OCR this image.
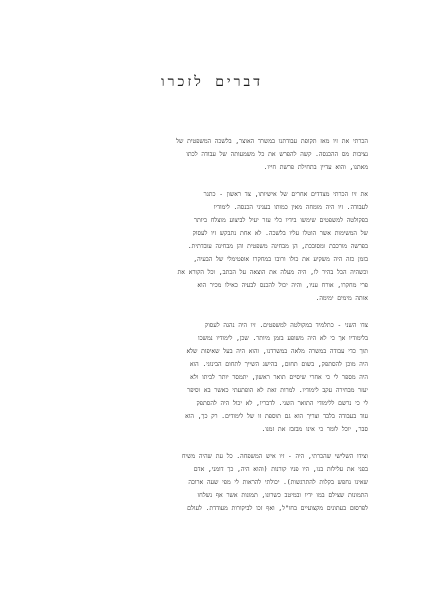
דברים לזכרו

הכרתי את זיו מאז תקופת עבודתנו במשרד האוצר, בלשכה המשפטית של
נציבות מס ההכנסה. קשה להפרש את כל משמעותה של עבודה לכתו
מאתנו, והוא עדיין בתחילת פרשת חייו.

את זיו הכרתי מצדדים אחרים של אישיותו, צד ראשון - כתגר
לעבודה. זיו היה מומחה מאין כמותו בעניני הכנסה. לימודיו
בפקולטה למשפטים שימשו בידיו כלי עזר יעיל לביצוע מוצלח ביותר
של המשימות אשר הוטלו עליו בלשכה. לא אחת נתבקש זיו לעסוק
בפרשה מורכבת ומסובכת, הן מבחינה משפטית והן מבחינה עובדתית.
בזמן כזה היה משקיע את כולו ורובו במחקרו אופטימלי של הבעיה,
וכשהיה הכל בהיר לו, היה מעלה את הוצאה על הכתב, וכל הקורא את
פרי מחקרו, אורח עניו, והיה יכול להכנס לבעיה כאילו מכיר הוא
אותה מימים ימימה.

צדו השני - כתלמיד במקולטה למשפטים. זיו היה נהגה לעסוק
בלימודיו אך כי לא היה משופע בזמן מיותר. שכן, לימודיו נמשכו
תוך כדי עבודה במשרה מלאה במשרדנו, והוא היה בעל שאיפות שלא
היה מוכן להסתפק, בשום תחום, בהישג השייך לתחום הבינוני. הוא
היה מספר לי כי אחרי שיסיים תואר ראשון, יתמסר יותר לביתו ולא
יעזר מבחירה עקב לימודיו. למרות זאת לא הופתעתי כאשר בא וסיפר
לי כי נרשם ללימודי התואר השני. לדבריו, לא יכול היה להסתפק
עוד בעבודה בלבד וצריך הוא גם תוספת זו של לימודים. רק כך, הוא
סבר, יוכל לומר כי אינו מבזבז את זמנו.

וצידו השלישי שהכרתי, היה - זיו איש המשפחה. כל עת שהיה משיח
בפני את עלילות בנו, היו פניו קורנות (והוא היה, כך דומני, אדם
שאינו נחפש בקלות להתרגשות). יכולתי להראות לי מפי שעה ארוכה
התמונות שצילם במו ידיו ובמיטב כשרונו, תמונות אשר אף נשלחו
לפרסום בעתונים מקצועיים בחו"ל, ואף זכו לביקורות מעודדת. לעולם
